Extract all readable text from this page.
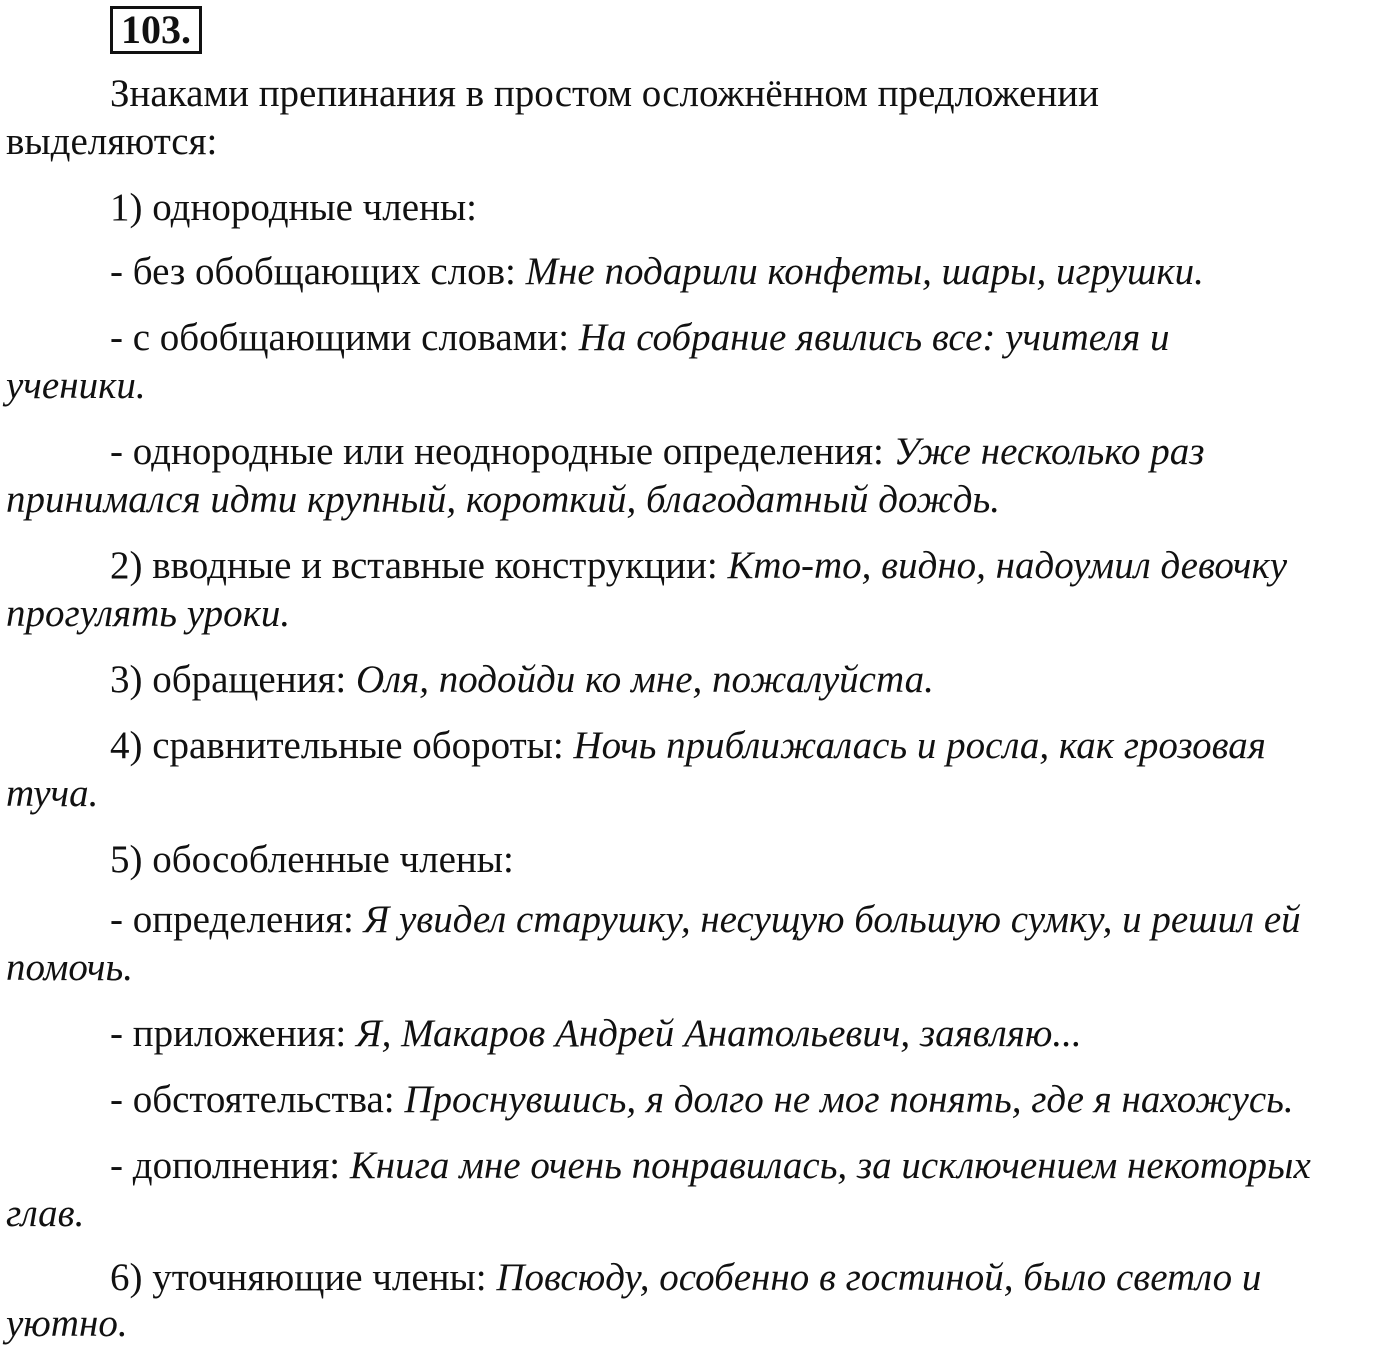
103.
Знаками препинания в простом осложнённом предложении
выделяются:
1) однородные члены:
- без обобщающих слов: Мне подарили конфеты, шары, игрушки.
- с обобщающими словами: На собрание явились все: учителя и
ученики.
- однородные или неоднородные определения: Уже несколько раз
принимался идти крупный, короткий, благодатный дождь.
2) вводные и вставные конструкции: Кто-то, видно, надоумил девочку
прогулять уроки.
3) обращения: Оля, подойди ко мне, пожалуйста.
4) сравнительные обороты: Ночь приближалась и росла, как грозовая
туча.
5) обособленные члены:
- определения: Я увидел старушку, несущую большую сумку, и решил ей
помочь.
- приложения: Я, Макаров Андрей Анатольевич, заявляю...
- обстоятельства: Проснувшись, я долго не мог понять, где я нахожусь.
- дополнения: Книга мне очень понравилась, за исключением некоторых
глав.
6) уточняющие члены: Повсюду, особенно в гостиной, было светло и
уютно.
